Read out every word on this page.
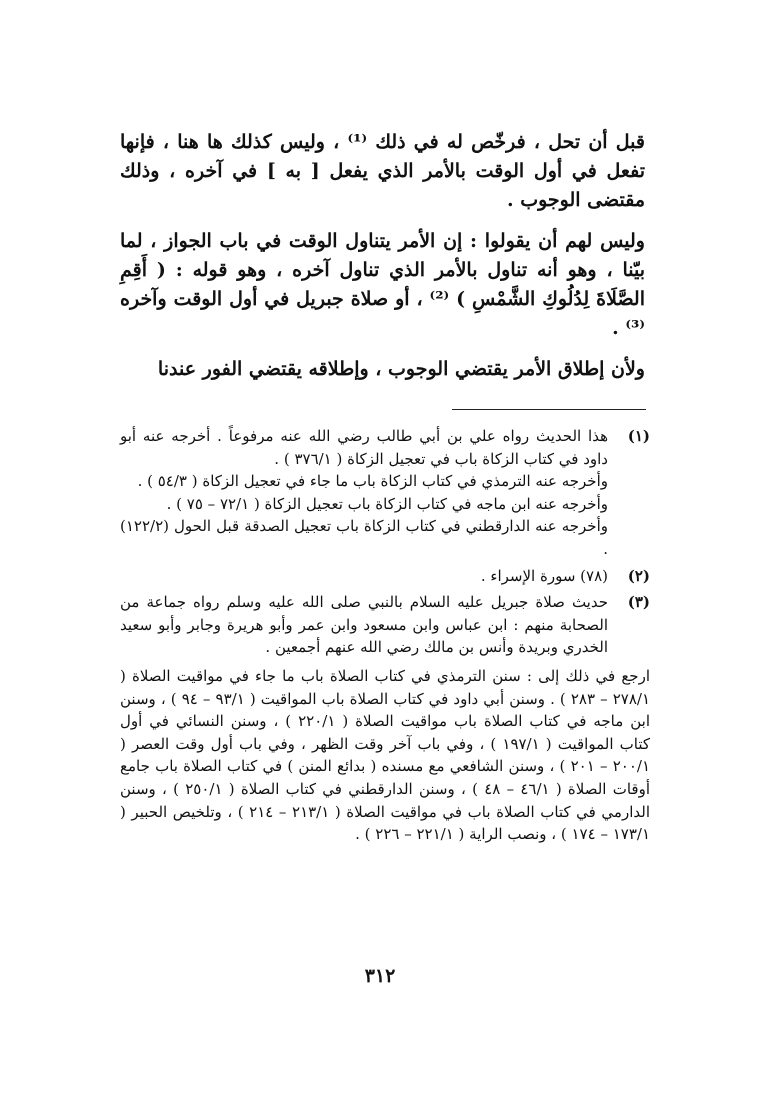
قبل أن تحل ، فرخّص له في ذلك ⁽¹⁾ ، وليس كذلك ها هنا ، فإنها تفعل في أول الوقت بالأمر الذي يفعل [ به ] في آخره ، وذلك مقتضى الوجوب .

وليس لهم أن يقولوا : إن الأمر يتناول الوقت في باب الجواز ، لما بيّنا ، وهو أنه تناول بالأمر الذي تناول آخره ، وهو قوله : ( أَقِمِ الصَّلَاةَ لِدُلُوكِ الشَّمْسِ ) ⁽²⁾ ، أو صلاة جبريل في أول الوقت وآخره ⁽³⁾ .

ولأن إطلاق الأمر يقتضي الوجوب ، وإطلاقه يقتضي الفور عندنا

(١)
هذا الحديث رواه علي بن أبي طالب رضي الله عنه مرفوعاً . أخرجه عنه أبو داود في كتاب الزكاة باب في تعجيل الزكاة ( ٣٧٦/١ ) .
وأخرجه عنه الترمذي في كتاب الزكاة باب ما جاء في تعجيل الزكاة ( ٥٤/٣ ) .
وأخرجه عنه ابن ماجه في كتاب الزكاة باب تعجيل الزكاة ( ٧٢/١ – ٧٥ ) .
وأخرجه عنه الدارقطني في كتاب الزكاة باب تعجيل الصدقة قبل الحول (١٢٢/٢) .
(٢)
(٧٨) سورة الإسراء .
(٣)
حديث صلاة جبريل عليه السلام بالنبي صلى الله عليه وسلم رواه جماعة من الصحابة منهم : ابن عباس وابن مسعود وابن عمر وأبو هريرة وجابر وأبو سعيد الخدري وبريدة وأنس بن مالك رضي الله عنهم أجمعين .
ارجع في ذلك إلى : سنن الترمذي في كتاب الصلاة باب ما جاء في مواقيت الصلاة ( ٢٧٨/١ – ٢٨٣ ) . وسنن أبي داود في كتاب الصلاة باب المواقيت ( ٩٣/١ – ٩٤ ) ، وسنن ابن ماجه في كتاب الصلاة باب مواقيت الصلاة ( ٢٢٠/١ ) ، وسنن النسائي في أول كتاب المواقيت ( ١٩٧/١ ) ، وفي باب آخر وقت الظهر ، وفي باب أول وقت العصر ( ٢٠٠/١ – ٢٠١ ) ، وسنن الشافعي مع مسنده ( بدائع المنن ) في كتاب الصلاة باب جامع أوقات الصلاة ( ٤٦/١ – ٤٨ ) ، وسنن الدارقطني في كتاب الصلاة ( ٢٥٠/١ ) ، وسنن الدارمي في كتاب الصلاة باب في مواقيت الصلاة ( ٢١٣/١ – ٢١٤ ) ، وتلخيص الحبير ( ١٧٣/١ – ١٧٤ ) ، ونصب الراية ( ٢٢١/١ – ٢٢٦ ) .
٣١٢
